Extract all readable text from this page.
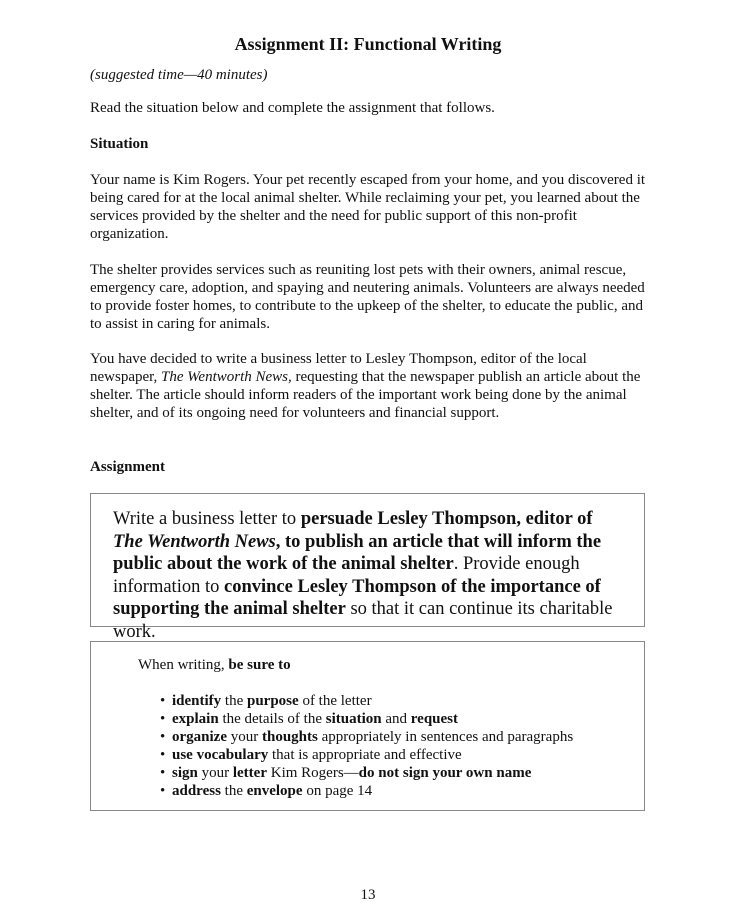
Assignment II: Functional Writing
(suggested time—40 minutes)
Read the situation below and complete the assignment that follows.
Situation
Your name is Kim Rogers. Your pet recently escaped from your home, and you discovered it being cared for at the local animal shelter. While reclaiming your pet, you learned about the services provided by the shelter and the need for public support of this non-profit organization.
The shelter provides services such as reuniting lost pets with their owners, animal rescue, emergency care, adoption, and spaying and neutering animals. Volunteers are always needed to provide foster homes, to contribute to the upkeep of the shelter, to educate the public, and to assist in caring for animals.
You have decided to write a business letter to Lesley Thompson, editor of the local newspaper, The Wentworth News, requesting that the newspaper publish an article about the shelter. The article should inform readers of the important work being done by the animal shelter, and of its ongoing need for volunteers and financial support.
Assignment
Write a business letter to persuade Lesley Thompson, editor of The Wentworth News, to publish an article that will inform the public about the work of the animal shelter. Provide enough information to convince Lesley Thompson of the importance of supporting the animal shelter so that it can continue its charitable work.
When writing, be sure to
• identify the purpose of the letter
• explain the details of the situation and request
• organize your thoughts appropriately in sentences and paragraphs
• use vocabulary that is appropriate and effective
• sign your letter Kim Rogers—do not sign your own name
• address the envelope on page 14
13
